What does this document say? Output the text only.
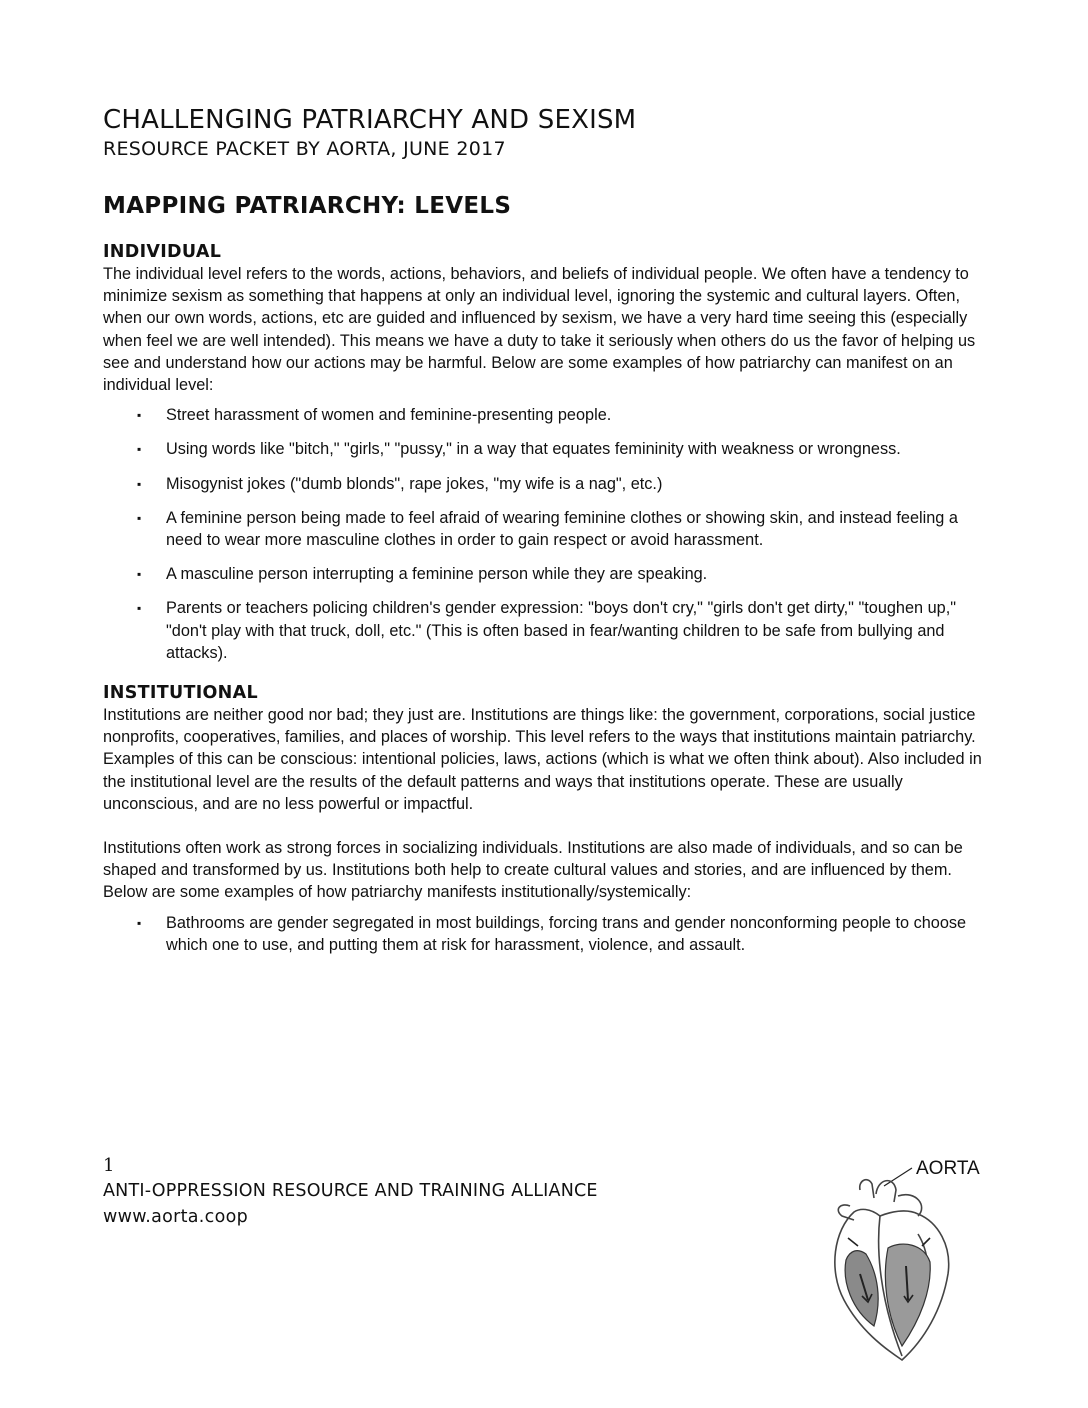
CHALLENGING PATRIARCHY AND SEXISM
RESOURCE PACKET BY AORTA, JUNE 2017
MAPPING PATRIARCHY: LEVELS
INDIVIDUAL

The individual level refers to the words, actions, behaviors, and beliefs of individual people. We often have a tendency to minimize sexism as something that happens at only an individual level, ignoring the systemic and cultural layers. Often, when our own words, actions, etc are guided and influenced by sexism, we have a very hard time seeing this (especially when feel we are well intended). This means we have a duty to take it seriously when others do us the favor of helping us see and understand how our actions may be harmful. Below are some examples of how patriarchy can manifest on an individual level:

▪ Street harassment of women and feminine-presenting people.
▪ Using words like "bitch," "girls," "pussy," in a way that equates femininity with weakness or wrongness.
▪ Misogynist jokes ("dumb blonds", rape jokes, "my wife is a nag", etc.)
▪ A feminine person being made to feel afraid of wearing feminine clothes or showing skin, and instead feeling a need to wear more masculine clothes in order to gain respect or avoid harassment.
▪ A masculine person interrupting a feminine person while they are speaking.
▪ Parents or teachers policing children's gender expression: "boys don't cry," "girls don't get dirty," "toughen up," "don't play with that truck, doll, etc." (This is often based in fear/wanting children to be safe from bullying and attacks).
INSTITUTIONAL

Institutions are neither good nor bad; they just are. Institutions are things like: the government, corporations, social justice nonprofits, cooperatives, families, and places of worship. This level refers to the ways that institutions maintain patriarchy. Examples of this can be conscious: intentional policies, laws, actions (which is what we often think about). Also included in the institutional level are the results of the default patterns and ways that institutions operate. These are usually unconscious, and are no less powerful or impactful.

Institutions often work as strong forces in socializing individuals. Institutions are also made of individuals, and so can be shaped and transformed by us. Institutions both help to create cultural values and stories, and are influenced by them. Below are some examples of how patriarchy manifests institutionally/systemically:

▪ Bathrooms are gender segregated in most buildings, forcing trans and gender nonconforming people to choose which one to use, and putting them at risk for harassment, violence, and assault.
1
ANTI-OPPRESSION RESOURCE AND TRAINING ALLIANCE
www.aorta.coop
AORTA
